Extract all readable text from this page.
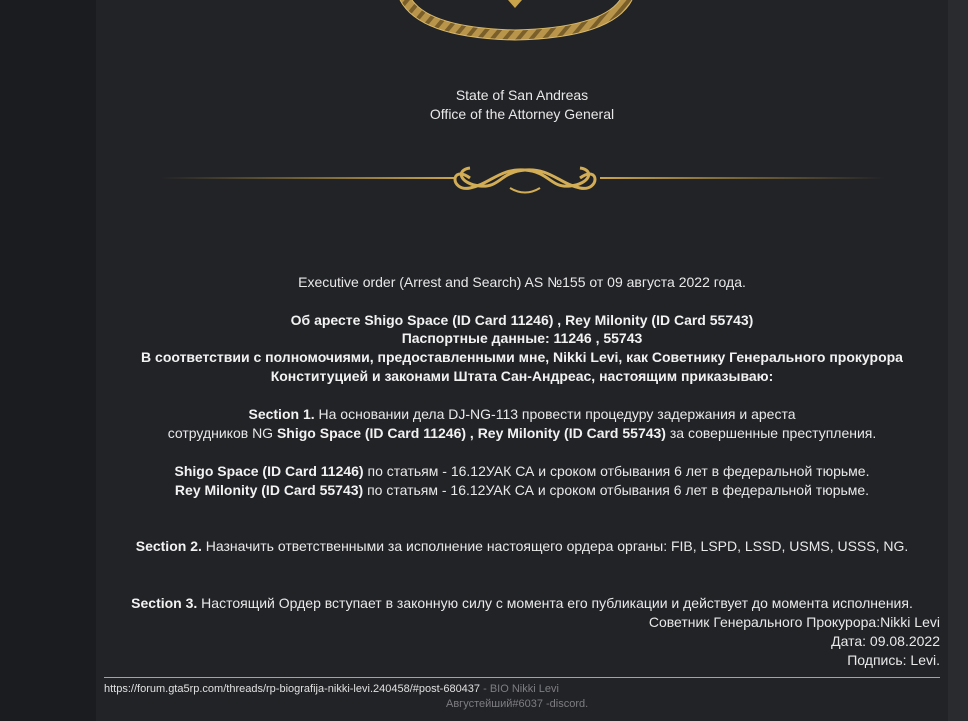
State of San Andreas
Office of the Attorney General
Executive order (Arrest and Search) AS №155 от 09 августа 2022 года.
Об аресте Shigo Space (ID Card 11246) , Rey Milonity (ID Card 55743)
Паспортные данные: 11246 , 55743
В соответствии с полномочиями, предоставленными мне, Nikki Levi, как Советнику Генерального прокурора
Конституцией и законами Штата Сан-Андреас, настоящим приказываю:
Section 1. На основании дела DJ-NG-113 провести процедуру задержания и ареста
сотрудников NG Shigo Space (ID Card 11246) , Rey Milonity (ID Card 55743) за совершенные преступления.
Shigo Space (ID Card 11246) по статьям - 16.12УАК СА и сроком отбывания 6 лет в федеральной тюрьме.
Rey Milonity (ID Card 55743) по статьям - 16.12УАК СА и сроком отбывания 6 лет в федеральной тюрьме.
Section 2. Назначить ответственными за исполнение настоящего ордера органы: FIB, LSPD, LSSD, USMS, USSS, NG.
Section 3. Настоящий Ордер вступает в законную силу с момента его публикации и действует до момента исполнения.
Советник Генерального Прокурора:Nikki Levi
Дата: 09.08.2022
Подпись: Levi.
https://forum.gta5rp.com/threads/rp-biografija-nikki-levi.240458/#post-680437 - BIO Nikki Levi
Августейший#6037 -discord.
